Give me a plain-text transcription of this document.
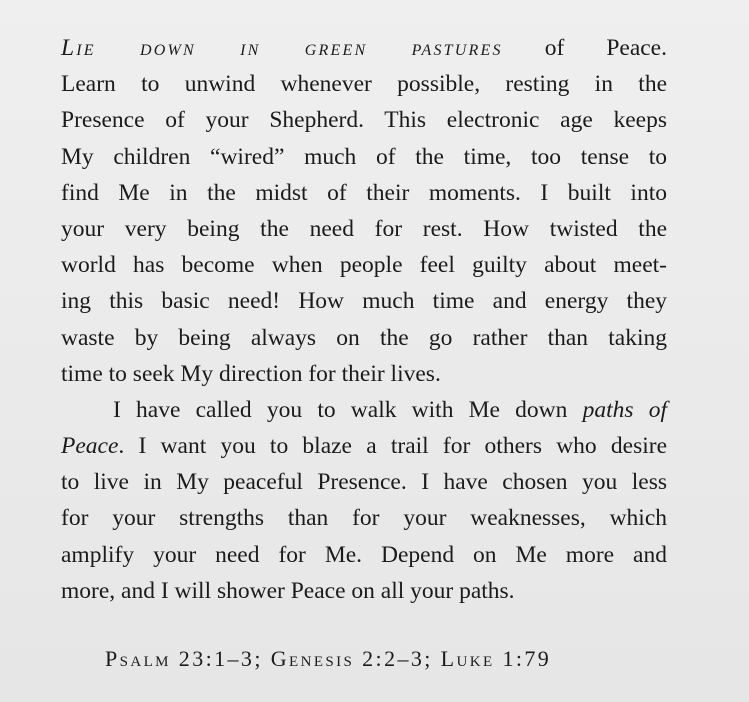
Lie down in green pastures of Peace.
Learn to unwind whenever possible, resting in the
Presence of your Shepherd. This electronic age keeps
My children “wired” much of the time, too tense to
find Me in the midst of their moments. I built into
your very being the need for rest. How twisted the
world has become when people feel guilty about meet-
ing this basic need! How much time and energy they
waste by being always on the go rather than taking
time to seek My direction for their lives.
I have called you to walk with Me down paths of
Peace. I want you to blaze a trail for others who desire
to live in My peaceful Presence. I have chosen you less
for your strengths than for your weaknesses, which
amplify your need for Me. Depend on Me more and
more, and I will shower Peace on all your paths.
Psalm 23:1–3; Genesis 2:2–3; Luke 1:79
